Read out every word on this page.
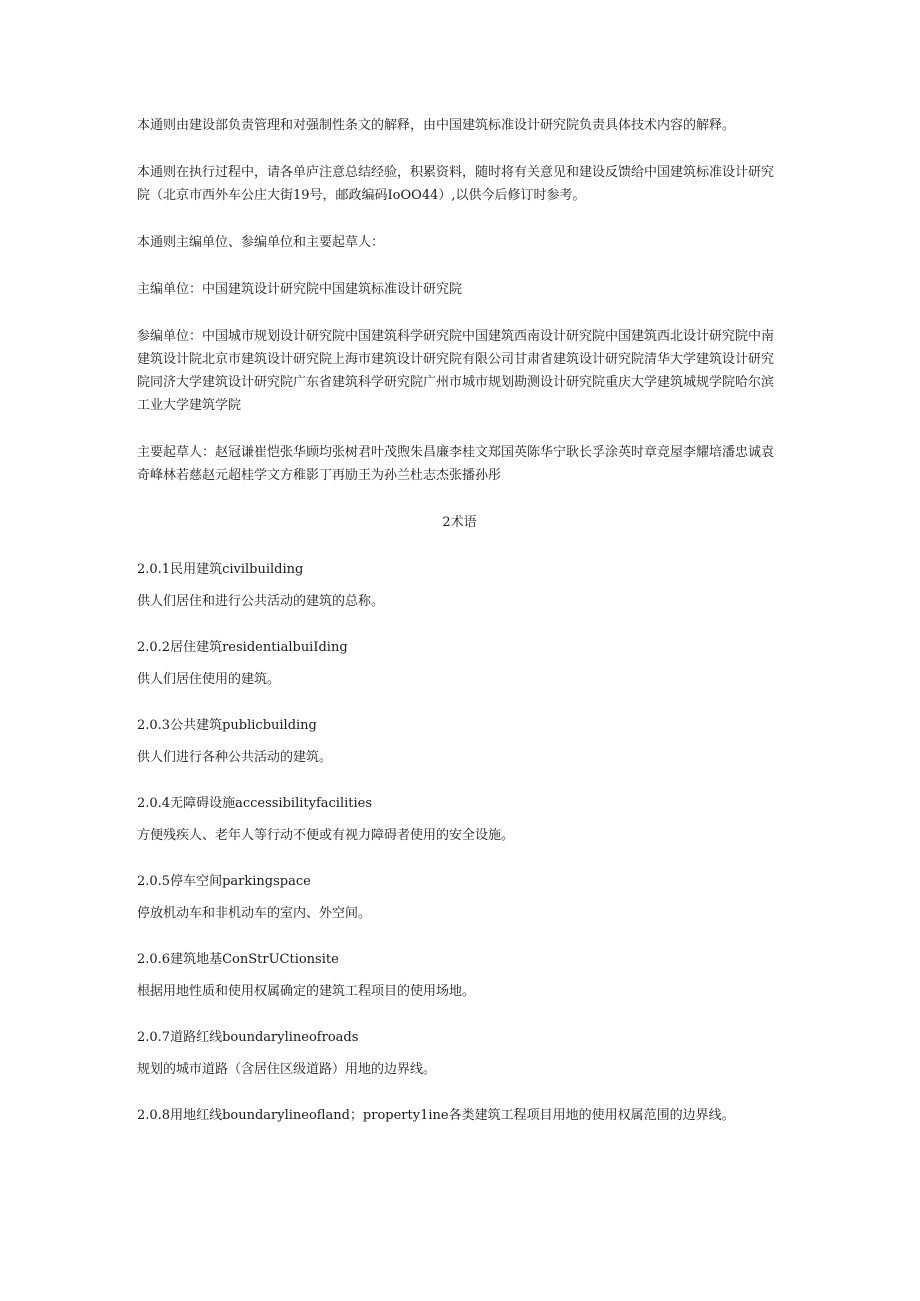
本通则由建设部负责管理和对强制性条文的解释，由中国建筑标准设计研究院负责具体技术内容的解释。

本通则在执行过程中，请各单庐注意总结经验，积累资料，随时将有关意见和建设反馈给中国建筑标准设计研究院（北京市西外车公庄大街19号，邮政编码IoOO44）,以供今后修订时参考。

本通则主编单位、参编单位和主要起草人：

主编单位：中国建筑设计研究院中国建筑标准设计研究院

参编单位：中国城市规划设计研究院中国建筑科学研究院中国建筑西南设计研究院中国建筑西北设计研究院中南建筑设计院北京市建筑设计研究院上海市建筑设计研究院有限公司甘肃省建筑设计研究院清华大学建筑设计研究院同济大学建筑设计研究院广东省建筑科学研究院广州市城市规划勘测设计研究院重庆大学建筑城规学院哈尔滨工业大学建筑学院

主要起草人：赵冠谦崔恺张华顾均张树君叶茂煦朱昌廉李桂文郑国英陈华宁耿长孚涂英时章竞屋李耀培潘忠诚袁奇峰林若慈赵元超桂学文方稚影丁再励王为孙兰杜志杰张播孙彤

2术语

2.0.1民用建筑civilbuilding

供人们居住和进行公共活动的建筑的总称。

2.0.2居住建筑residentialbuiIding

供人们居住使用的建筑。

2.0.3公共建筑publicbuilding

供人们进行各种公共活动的建筑。

2.0.4无障碍设施accessibilityfacilities

方便残疾人、老年人等行动不便或有视力障碍者使用的安全设施。

2.0.5停车空间parkingspace

停放机动车和非机动车的室内、外空间。

2.0.6建筑地基ConStrUCtionsite

根据用地性质和使用权属确定的建筑工程项目的使用场地。

2.0.7道路红线boundarylineofroads

规划的城市道路（含居住区级道路）用地的边界线。

2.0.8用地红线boundarylineofland；property1ine各类建筑工程项目用地的使用权属范围的边界线。
